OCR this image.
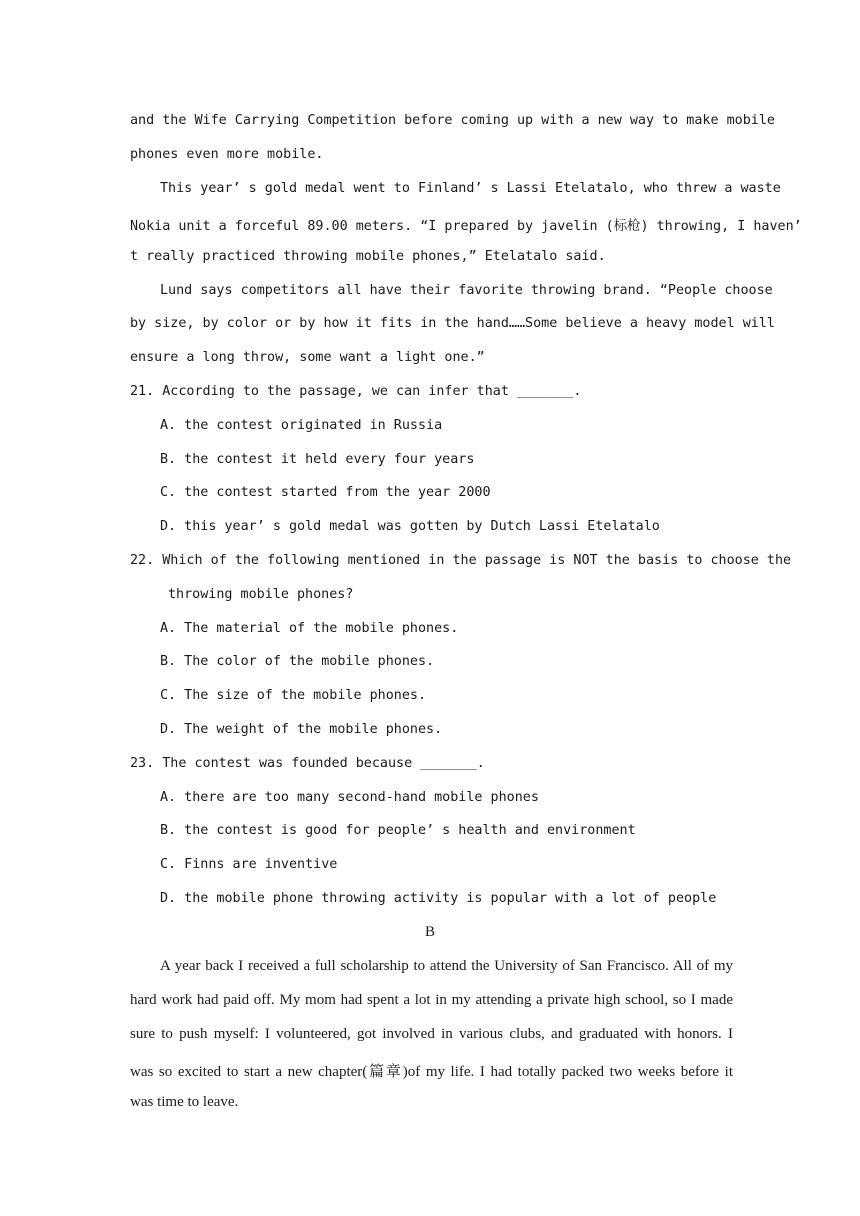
and the Wife Carrying Competition before coming up with a new way to make mobile
phones even more mobile.
This year’ s gold medal went to Finland’ s Lassi Etelatalo, who threw a waste
Nokia unit a forceful 89.00 meters. “I prepared by javelin (标枪) throwing, I haven’
t really practiced throwing mobile phones,” Etelatalo said.
Lund says competitors all have their favorite throwing brand. “People choose
by size, by color or by how it fits in the hand……Some believe a heavy model will
ensure a long throw, some want a light one.”
21. According to the passage, we can infer that _______.
A. the contest originated in Russia
B. the contest it held every four years
C. the contest started from the year 2000
D. this year’ s gold medal was gotten by Dutch Lassi Etelatalo
22. Which of the following mentioned in the passage is NOT the basis to choose the
throwing mobile phones?
A. The material of the mobile phones.
B. The color of the mobile phones.
C. The size of the mobile phones.
D. The weight of the mobile phones.
23. The contest was founded because _______.
A. there are too many second-hand mobile phones
B. the contest is good for people’ s health and environment
C. Finns are inventive
D. the mobile phone throwing activity is popular with a lot of people
B
A year back I received a full scholarship to attend the University of San Francisco. All of my
hard work had paid off. My mom had spent a lot in my attending a private high school, so I made
sure to push myself: I volunteered, got involved in various clubs, and graduated with honors. I
was so excited to start a new chapter(篇章)of my life. I had totally packed two weeks before it
was time to leave.
